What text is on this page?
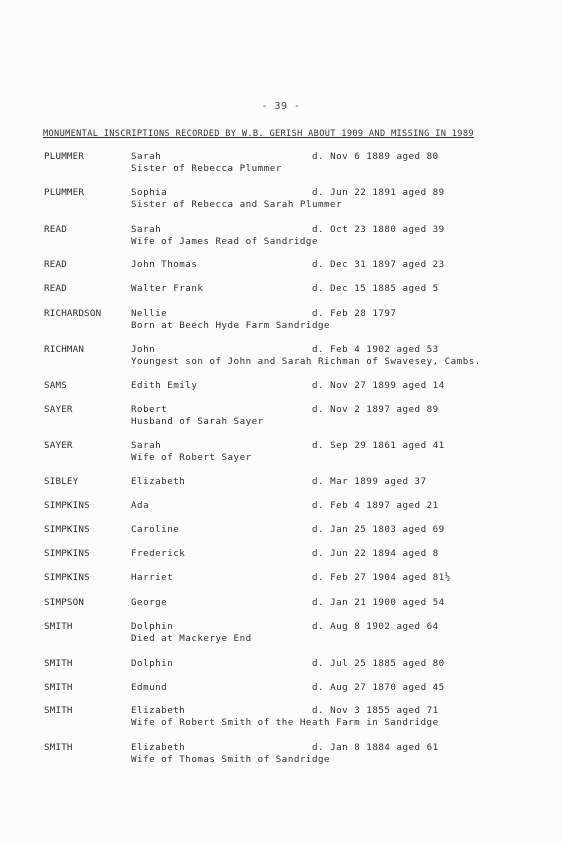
- 39 -
MONUMENTAL INSCRIPTIONS RECORDED BY W.B. GERISH ABOUT 1909 AND MISSING IN 1989
PLUMMER	Sarah	d. Nov 6 1889 aged 80
Sister of Rebecca Plummer
PLUMMER	Sophia	d. Jun 22 1891 aged 89
Sister of Rebecca and Sarah Plummer
READ	Sarah	d. Oct 23 1880 aged 39
Wife of James Read of Sandridge
READ	John Thomas	d. Dec 31 1897 aged 23
READ	Walter Frank	d. Dec 15 1885 aged 5
RICHARDSON	Nellie	d. Feb 28 1797
Born at Beech Hyde Farm Sandridge
RICHMAN	John	d. Feb 4 1902 aged 53
Youngest son of John and Sarah Richman of Swavesey, Cambs.
SAMS	Edith Emily	d. Nov 27 1899 aged 14
SAYER	Robert	d. Nov 2 1897 aged 89
Husband of Sarah Sayer
SAYER	Sarah	d. Sep 29 1861 aged 41
Wife of Robert Sayer
SIBLEY	Elizabeth	d. Mar 1899 aged 37
SIMPKINS	Ada	d. Feb 4 1897 aged 21
SIMPKINS	Caroline	d. Jan 25 1803 aged 69
SIMPKINS	Frederick	d. Jun 22 1894 aged 8
SIMPKINS	Harriet	d. Feb 27 1904 aged 81½
SIMPSON	George	d. Jan 21 1900 aged 54
SMITH	Dolphin	d. Aug 8 1902 aged 64
Died at Mackerye End
SMITH	Dolphin	d. Jul 25 1885 aged 80
SMITH	Edmund	d. Aug 27 1870 aged 45
SMITH	Elizabeth	d. Nov 3 1855 aged 71
Wife of Robert Smith of the Heath Farm in Sandridge
SMITH	Elizabeth	d. Jan 8 1884 aged 61
Wife of Thomas Smith of Sandridge
